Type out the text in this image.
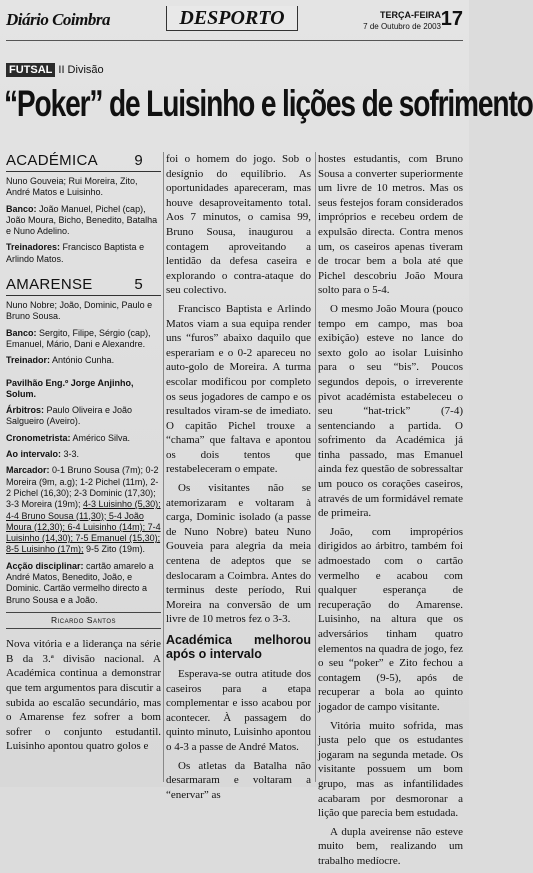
Diário Coimbra	DESPORTO	TERÇA-FEIRA
7 de Outubro de 2003 17
FUTSAL II Divisão
“Poker” de Luisinho e lições de sofrimento
ACADÉMICA 9

Nuno Gouveia; Rui Moreira, Zito, André Matos e Luisinho.

Banco: João Manuel, Pichel (cap), João Moura, Bicho, Benedito, Batalha e Nuno Adelino.

Treinadores: Francisco Baptista e Arlindo Matos.

AMARENSE	5

Nuno Nobre; João, Dominic, Paulo e Bruno Sousa.

Banco: Sergito, Filipe, Sérgio (cap), Emanuel, Mário, Dani e Alexandre.

Treinador: António Cunha.

Pavilhão Eng.º Jorge Anjinho, Solum.

Árbitros: Paulo Oliveira e João Salgueiro (Aveiro).

Cronometrista: Américo Silva.

Ao intervalo: 3-3.

Marcador: 0-1 Bruno Sousa (7m); 0-2 Moreira (9m, a.g); 1-2 Pichel (11m), 2-2 Pichel (16,30); 2-3 Dominic (17,30); 3-3 Moreira (19m); 4-3 Luisinho (5,30); 4-4 Bruno Sousa (11,30); 5-4 João Moura (12,30); 6-4 Luisinho (14m); 7-4 Luisinho (14,30); 7-5 Emanuel (15,30); 8-5 Luisinho (17m); 9-5 Zito (19m).

Acção disciplinar: cartão amarelo a André Matos, Benedito, João, e Dominic. Cartão vermelho directo a Bruno Sousa e a João.

Ricardo Santos
Nova vitória e a liderança na série B da 3.ª divisão nacional. A Académica continua a demonstrar que tem argumentos para discutir a subida ao escalão secundário, mas o Amarense fez sofrer a bom sofrer o conjunto estudantil. Luisinho apontou quatro golos e

foi o homem do jogo. Sob o desígnio do equilíbrio. As oportunidades apareceram, mas houve desaproveitamento total. Aos 7 minutos, o camisa 99, Bruno Sousa, inaugurou a contagem aproveitando a lentidão da defesa caseira e explorando o contra-ataque do seu colectivo.

Francisco Baptista e Arlindo Matos viam a sua equipa render uns “furos” abaixo daquilo que esperariam e o 0-2 apareceu no auto-golo de Moreira. A turma escolar modificou por completo os seus jogadores de campo e os resultados viram-se de imediato. O capitão Pichel trouxe a “chama” que faltava e apontou os dois tentos que restabeleceram o empate.

Os visitantes não se atemorizaram e voltaram à carga, Dominic isolado (a passe de Nuno Nobre) bateu Nuno Gouveia para alegria da meia centena de adeptos que se deslocaram a Coimbra. Antes do terminus deste período, Rui Moreira na conversão de um livre de 10 metros fez o 3-3.

Académica melhorou após o intervalo

Esperava-se outra atitude dos caseiros para a etapa complementar e isso acabou por acontecer. À passagem do quinto minuto, Luisinho apontou o 4-3 a passe de André Matos.

Os atletas da Batalha não desarmaram e voltaram a “enervar” as

hostes estudantis, com Bruno Sousa a converter superiormente um livre de 10 metros. Mas os seus festejos foram considerados impróprios e recebeu ordem de expulsão directa. Contra menos um, os caseiros apenas tiveram de trocar bem a bola até que Pichel descobriu João Moura solto para o 5-4.

O mesmo João Moura (pouco tempo em campo, mas boa exibição) esteve no lance do sexto golo ao isolar Luisinho para o seu “bis”. Poucos segundos depois, o irreverente pivot académista estabeleceu o seu “hat-trick” (7-4) sentenciando a partida. O sofrimento da Académica já tinha passado, mas Emanuel ainda fez questão de sobressaltar um pouco os corações caseiros, através de um formidável remate de primeira.

João, com impropérios dirigidos ao árbitro, também foi admoestado com o cartão vermelho e acabou com qualquer esperança de recuperação do Amarense. Luisinho, na altura que os adversários tinham quatro elementos na quadra de jogo, fez o seu “poker” e Zito fechou a contagem (9-5), após de recuperar a bola ao quinto jogador de campo visitante.

Vitória muito sofrida, mas justa pelo que os estudantes jogaram na segunda metade. Os visitante possuem um bom grupo, mas as infantilidades acabaram por desmoronar a lição que parecia bem estudada.

A dupla aveirense não esteve muito bem, realizando um trabalho medíocre.
